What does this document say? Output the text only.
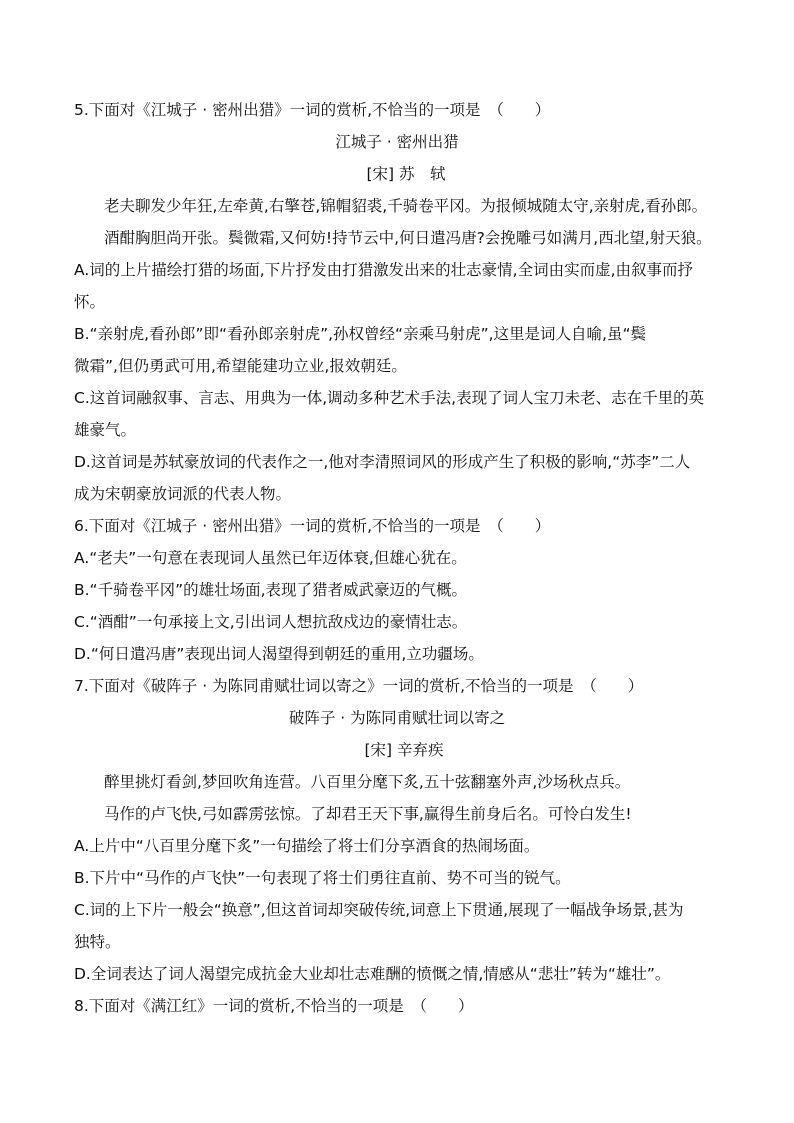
5.下面对《江城子 · 密州出猎》一词的赏析,不恰当的一项是　（　　）
江城子 · 密州出猎
[宋] 苏　轼
老夫聊发少年狂,左牵黄,右擎苍,锦帽貂裘,千骑卷平冈。为报倾城随太守,亲射虎,看孙郎。
酒酣胸胆尚开张。鬓微霜,又何妨!持节云中,何日遣冯唐?会挽雕弓如满月,西北望,射天狼。
A.词的上片描绘打猎的场面,下片抒发由打猎激发出来的壮志豪情,全词由实而虚,由叙事而抒
怀。
B.“亲射虎,看孙郎”即“看孙郎亲射虎”,孙权曾经“亲乘马射虎”,这里是词人自喻,虽“鬓
微霜”,但仍勇武可用,希望能建功立业,报效朝廷。
C.这首词融叙事、言志、用典为一体,调动多种艺术手法,表现了词人宝刀未老、志在千里的英
雄豪气。
D.这首词是苏轼豪放词的代表作之一,他对李清照词风的形成产生了积极的影响,“苏李”二人
成为宋朝豪放词派的代表人物。
6.下面对《江城子 · 密州出猎》一词的赏析,不恰当的一项是　（　　）
A.“老夫”一句意在表现词人虽然已年迈体衰,但雄心犹在。
B.“千骑卷平冈”的雄壮场面,表现了猎者威武豪迈的气概。
C.“酒酣”一句承接上文,引出词人想抗敌戍边的豪情壮志。
D.“何日遣冯唐”表现出词人渴望得到朝廷的重用,立功疆场。
7.下面对《破阵子 · 为陈同甫赋壮词以寄之》一词的赏析,不恰当的一项是　（　　）
破阵子 · 为陈同甫赋壮词以寄之
[宋] 辛弃疾
醉里挑灯看剑,梦回吹角连营。八百里分麾下炙,五十弦翻塞外声,沙场秋点兵。
马作的卢飞快,弓如霹雳弦惊。了却君王天下事,赢得生前身后名。可怜白发生!
A.上片中“八百里分麾下炙”一句描绘了将士们分享酒食的热闹场面。
B.下片中“马作的卢飞快”一句表现了将士们勇往直前、势不可当的锐气。
C.词的上下片一般会“换意”,但这首词却突破传统,词意上下贯通,展现了一幅战争场景,甚为
独特。
D.全词表达了词人渴望完成抗金大业却壮志难酬的愤慨之情,情感从“悲壮”转为“雄壮”。
8.下面对《满江红》一词的赏析,不恰当的一项是　（　　）
